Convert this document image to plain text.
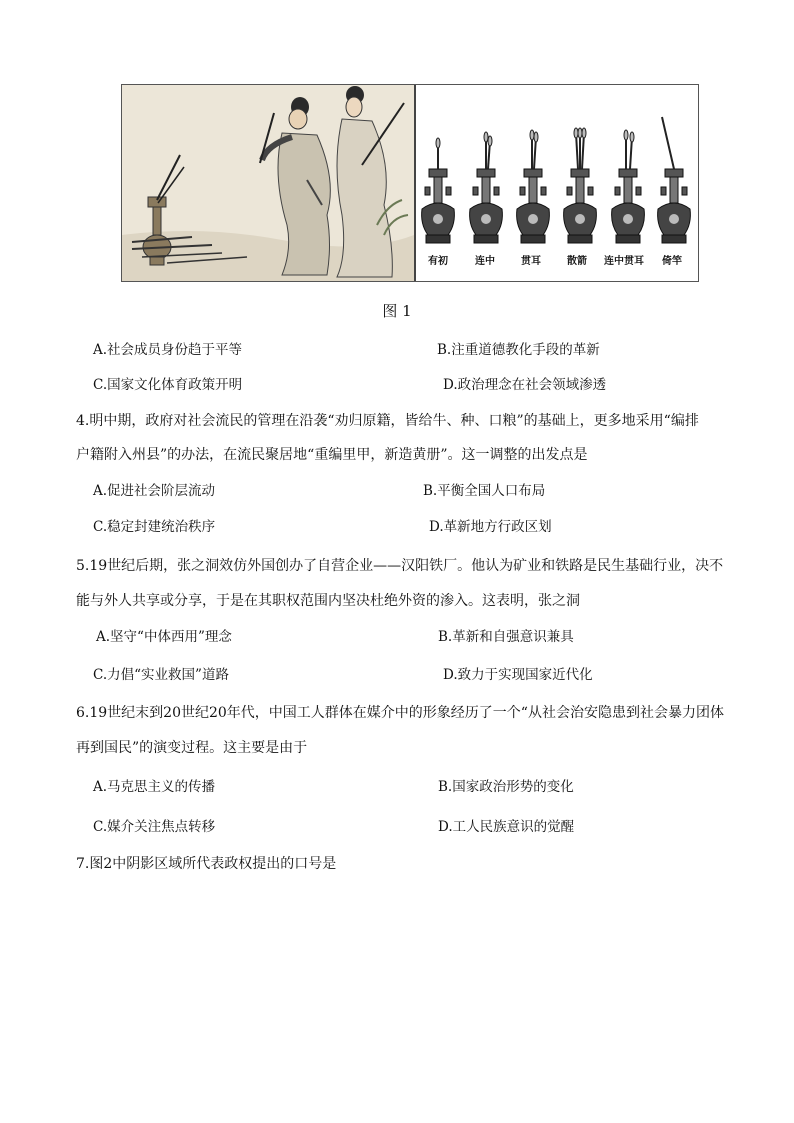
有初	连中	贯耳	散箭 连中贯耳 倚竿
图 1
A.社会成员身份趋于平等	B.注重道德教化手段的革新
C.国家文化体育政策开明	D.政治理念在社会领域渗透
4.明中期，政府对社会流民的管理在沿袭“劝归原籍，皆给牛、种、口粮”的基础上，更多地采用“编排
户籍附入州县”的办法，在流民聚居地“重编里甲，新造黄册”。这一调整的出发点是
A.促进社会阶层流动	B.平衡全国人口布局
C.稳定封建统治秩序	D.革新地方行政区划
5.19世纪后期，张之洞效仿外国创办了自营企业——汉阳铁厂。他认为矿业和铁路是民生基础行业，决不
能与外人共享或分享，于是在其职权范围内坚决杜绝外资的渗入。这表明，张之洞
A.坚守“中体西用”理念	B.革新和自强意识兼具
C.力倡“实业救国”道路	D.致力于实现国家近代化
6.19世纪末到20世纪20年代，中国工人群体在媒介中的形象经历了一个“从社会治安隐患到社会暴力团体
再到国民”的演变过程。这主要是由于
A.马克思主义的传播	B.国家政治形势的变化
C.媒介关注焦点转移	D.工人民族意识的觉醒
7.图2中阴影区域所代表政权提出的口号是
